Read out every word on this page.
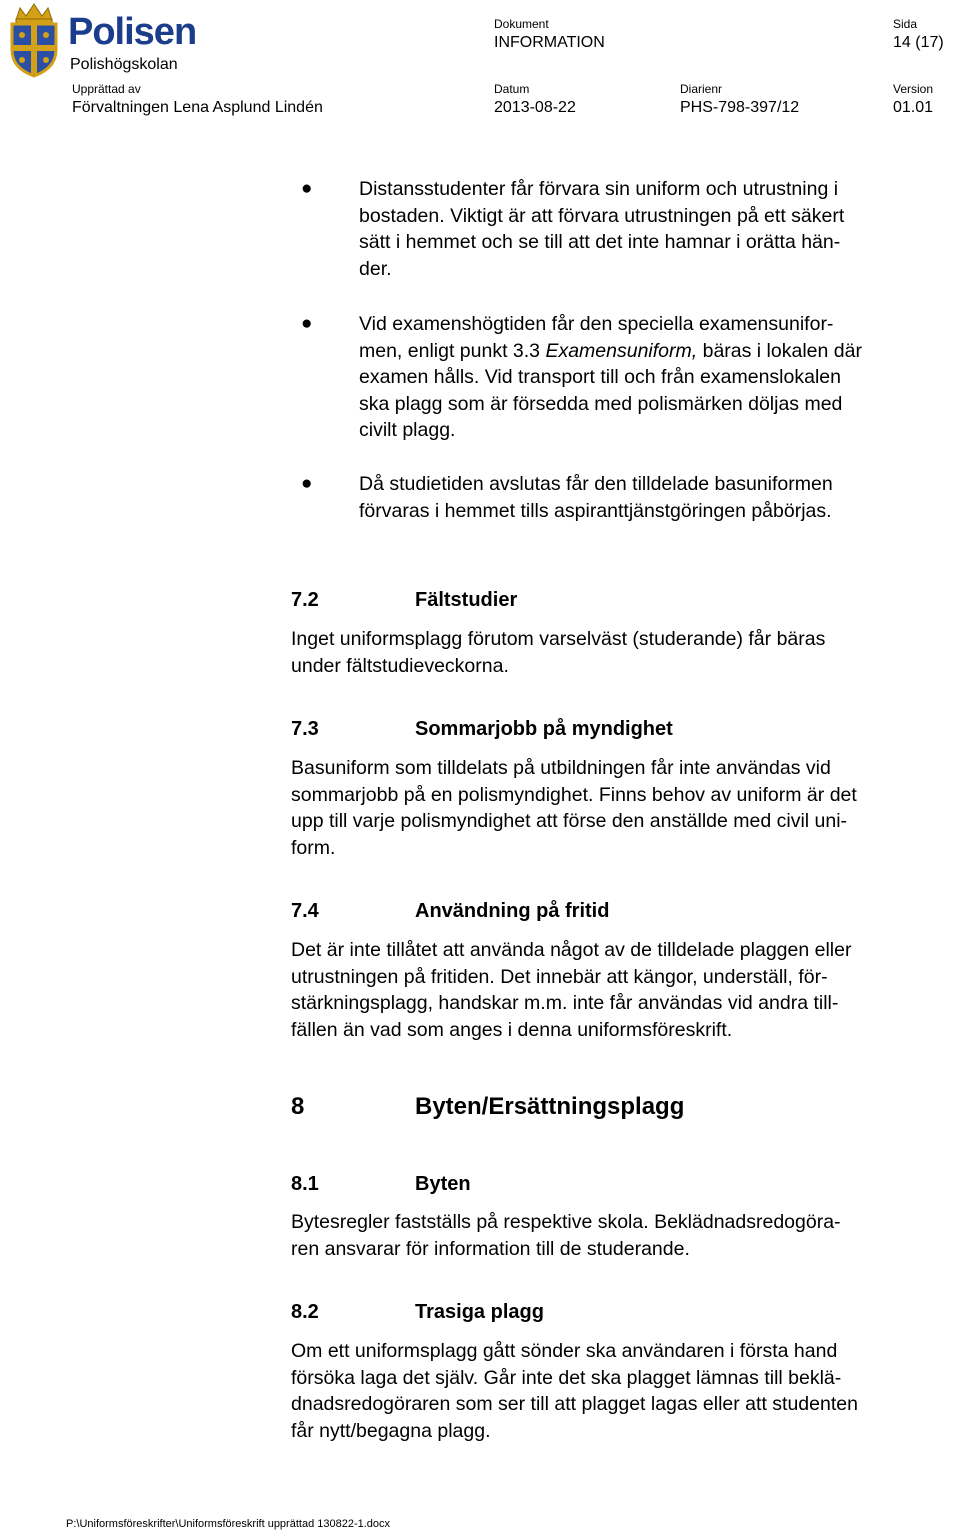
Polisen
Polishögskolan
Dokument
INFORMATION
Sida
14 (17)
Upprättad av
Förvaltningen Lena Asplund Lindén
Datum
2013-08-22
Diarienr
PHS-798-397/12
Version
01.01
● Distansstudenter får förvara sin uniform och utrustning i
bostaden. Viktigt är att förvara utrustningen på ett säkert
sätt i hemmet och se till att det inte hamnar i orätta hän-
der.
● Vid examenshögtiden får den speciella examensunifor-
men, enligt punkt 3.3 Examensuniform, bäras i lokalen där
examen hålls. Vid transport till och från examenslokalen
ska plagg som är försedda med polismärken döljas med
civilt plagg.
● Då studietiden avslutas får den tilldelade basuniformen
förvaras i hemmet tills aspiranttjänstgöringen påbörjas.
7.2	Fältstudier
Inget uniformsplagg förutom varselväst (studerande) får bäras
under fältstudieveckorna.
7.3	Sommarjobb på myndighet
Basuniform som tilldelats på utbildningen får inte användas vid
sommarjobb på en polismyndighet. Finns behov av uniform är det
upp till varje polismyndighet att förse den anställde med civil uni-
form.
7.4	Användning på fritid
Det är inte tillåtet att använda något av de tilldelade plaggen eller
utrustningen på fritiden. Det innebär att kängor, underställ, för-
stärkningsplagg, handskar m.m. inte får användas vid andra till-
fällen än vad som anges i denna uniformsföreskrift.
8	Byten/Ersättningsplagg
8.1	Byten
Bytesregler fastställs på respektive skola. Beklädnadsredogöra-
ren ansvarar för information till de studerande.
8.2	Trasiga plagg
Om ett uniformsplagg gått sönder ska användaren i första hand
försöka laga det själv. Går inte det ska plagget lämnas till beklä-
dnadsredogöraren som ser till att plagget lagas eller att studenten
får nytt/begagna plagg.
P:\Uniformsföreskrifter\Uniformsföreskrift upprättad 130822-1.docx
